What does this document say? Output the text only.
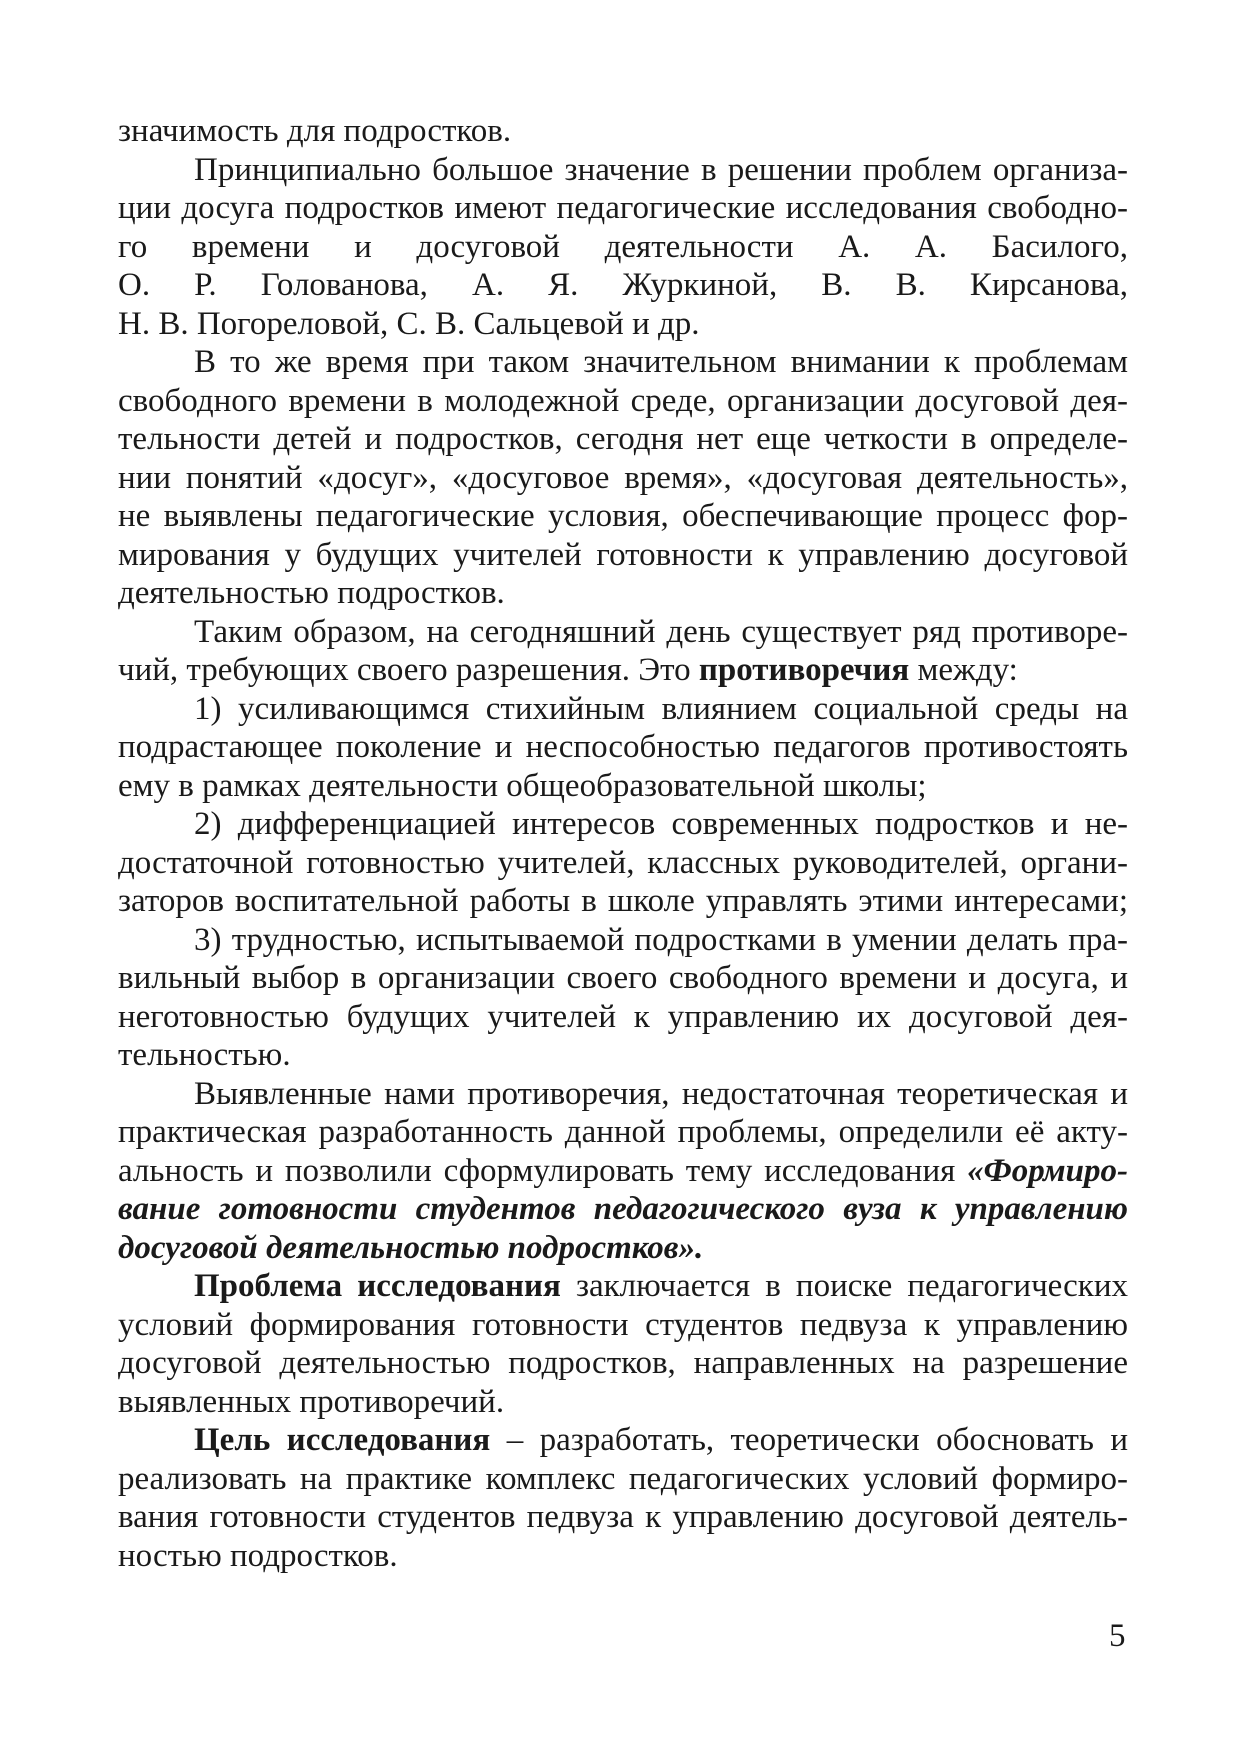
значимость для подростков.

Принципиально большое значение в решении проблем организа-
ции досуга подростков имеют педагогические исследования свободно-
го времени и досуговой деятельности А. А. Басилого,
О. Р. Голованова, А. Я. Журкиной, В. В. Кирсанова,
Н. В. Погореловой, С. В. Сальцевой и др.

В то же время при таком значительном внимании к проблемам
свободного времени в молодежной среде, организации досуговой дея-
тельности детей и подростков, сегодня нет еще четкости в определе-
нии понятий «досуг», «досуговое время», «досуговая деятельность»,
не выявлены педагогические условия, обеспечивающие процесс фор-
мирования у будущих учителей готовности к управлению досуговой
деятельностью подростков.

Таким образом, на сегодняшний день существует ряд противоре-
чий, требующих своего разрешения. Это противоречия между:

1) усиливающимся стихийным влиянием социальной среды на
подрастающее поколение и неспособностью педагогов противостоять
ему в рамках деятельности общеобразовательной школы;

2) дифференциацией интересов современных подростков и не-
достаточной готовностью учителей, классных руководителей, органи-
заторов воспитательной работы в школе управлять этими интересами;

3) трудностью, испытываемой подростками в умении делать пра-
вильный выбор в организации своего свободного времени и досуга, и
неготовностью будущих учителей к управлению их досуговой дея-
тельностью.

Выявленные нами противоречия, недостаточная теоретическая и
практическая разработанность данной проблемы, определили её акту-
альность и позволили сформулировать тему исследования «Формиро-
вание готовности студентов педагогического вуза к управлению
досуговой деятельностью подростков».

Проблема исследования заключается в поиске педагогических
условий формирования готовности студентов педвуза к управлению
досуговой деятельностью подростков, направленных на разрешение
выявленных противоречий.

Цель исследования – разработать, теоретически обосновать и
реализовать на практике комплекс педагогических условий формиро-
вания готовности студентов педвуза к управлению досуговой деятель-
ностью подростков.

5
